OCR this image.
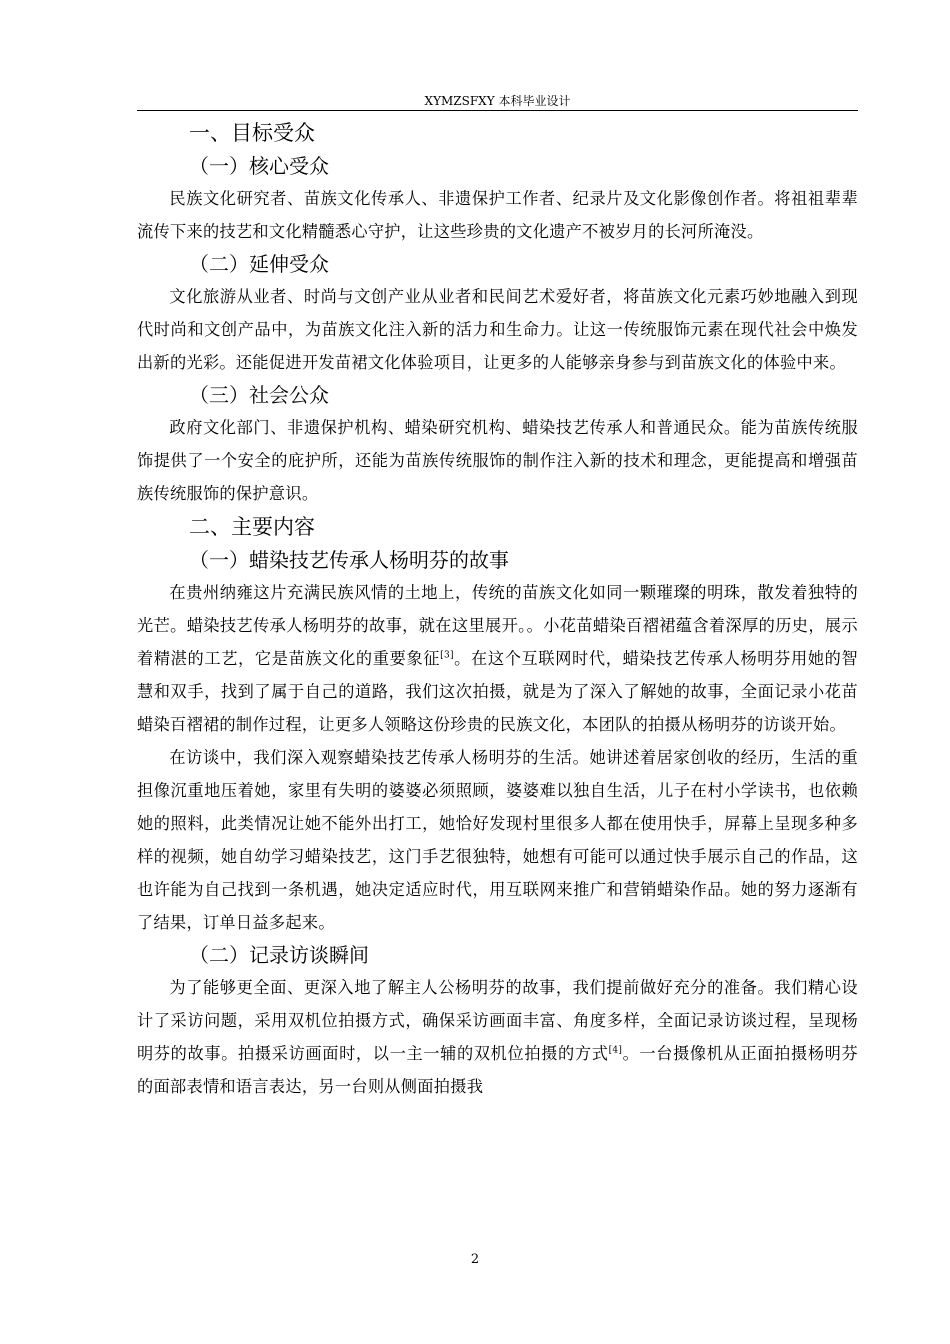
XYMZSFXY 本科毕业设计
一、目标受众
（一）核心受众

民族文化研究者、苗族文化传承人、非遗保护工作者、纪录片及文化影像创作者。将祖祖辈辈流传下来的技艺和文化精髓悉心守护，让这些珍贵的文化遗产不被岁月的长河所淹没。

（二）延伸受众

文化旅游从业者、时尚与文创产业从业者和民间艺术爱好者，将苗族文化元素巧妙地融入到现代时尚和文创产品中，为苗族文化注入新的活力和生命力。让这一传统服饰元素在现代社会中焕发出新的光彩。还能促进开发苗裙文化体验项目，让更多的人能够亲身参与到苗族文化的体验中来。

（三）社会公众

政府文化部门、非遗保护机构、蜡染研究机构、蜡染技艺传承人和普通民众。能为苗族传统服饰提供了一个安全的庇护所，还能为苗族传统服饰的制作注入新的技术和理念，更能提高和增强苗族传统服饰的保护意识。

二、主要内容
（一）蜡染技艺传承人杨明芬的故事

在贵州纳雍这片充满民族风情的土地上，传统的苗族文化如同一颗璀璨的明珠，散发着独特的光芒。蜡染技艺传承人杨明芬的故事，就在这里展开。。小花苗蜡染百褶裙蕴含着深厚的历史，展示着精湛的工艺，它是苗族文化的重要象征[3]。在这个互联网时代，蜡染技艺传承人杨明芬用她的智慧和双手，找到了属于自己的道路，我们这次拍摄，就是为了深入了解她的故事，全面记录小花苗蜡染百褶裙的制作过程，让更多人领略这份珍贵的民族文化，本团队的拍摄从杨明芬的访谈开始。

在访谈中，我们深入观察蜡染技艺传承人杨明芬的生活。她讲述着居家创收的经历，生活的重担像沉重地压着她，家里有失明的婆婆必须照顾，婆婆难以独自生活，儿子在村小学读书，也依赖她的照料，此类情况让她不能外出打工，她恰好发现村里很多人都在使用快手，屏幕上呈现多种多样的视频，她自幼学习蜡染技艺，这门手艺很独特，她想有可能可以通过快手展示自己的作品，这也许能为自己找到一条机遇，她决定适应时代，用互联网来推广和营销蜡染作品。她的努力逐渐有了结果，订单日益多起来。

（二）记录访谈瞬间

为了能够更全面、更深入地了解主人公杨明芬的故事，我们提前做好充分的准备。我们精心设计了采访问题，采用双机位拍摄方式，确保采访画面丰富、角度多样，全面记录访谈过程，呈现杨明芬的故事。拍摄采访画面时，以一主一辅的双机位拍摄的方式[4]。一台摄像机从正面拍摄杨明芬的面部表情和语言表达，另一台则从侧面拍摄我

2
